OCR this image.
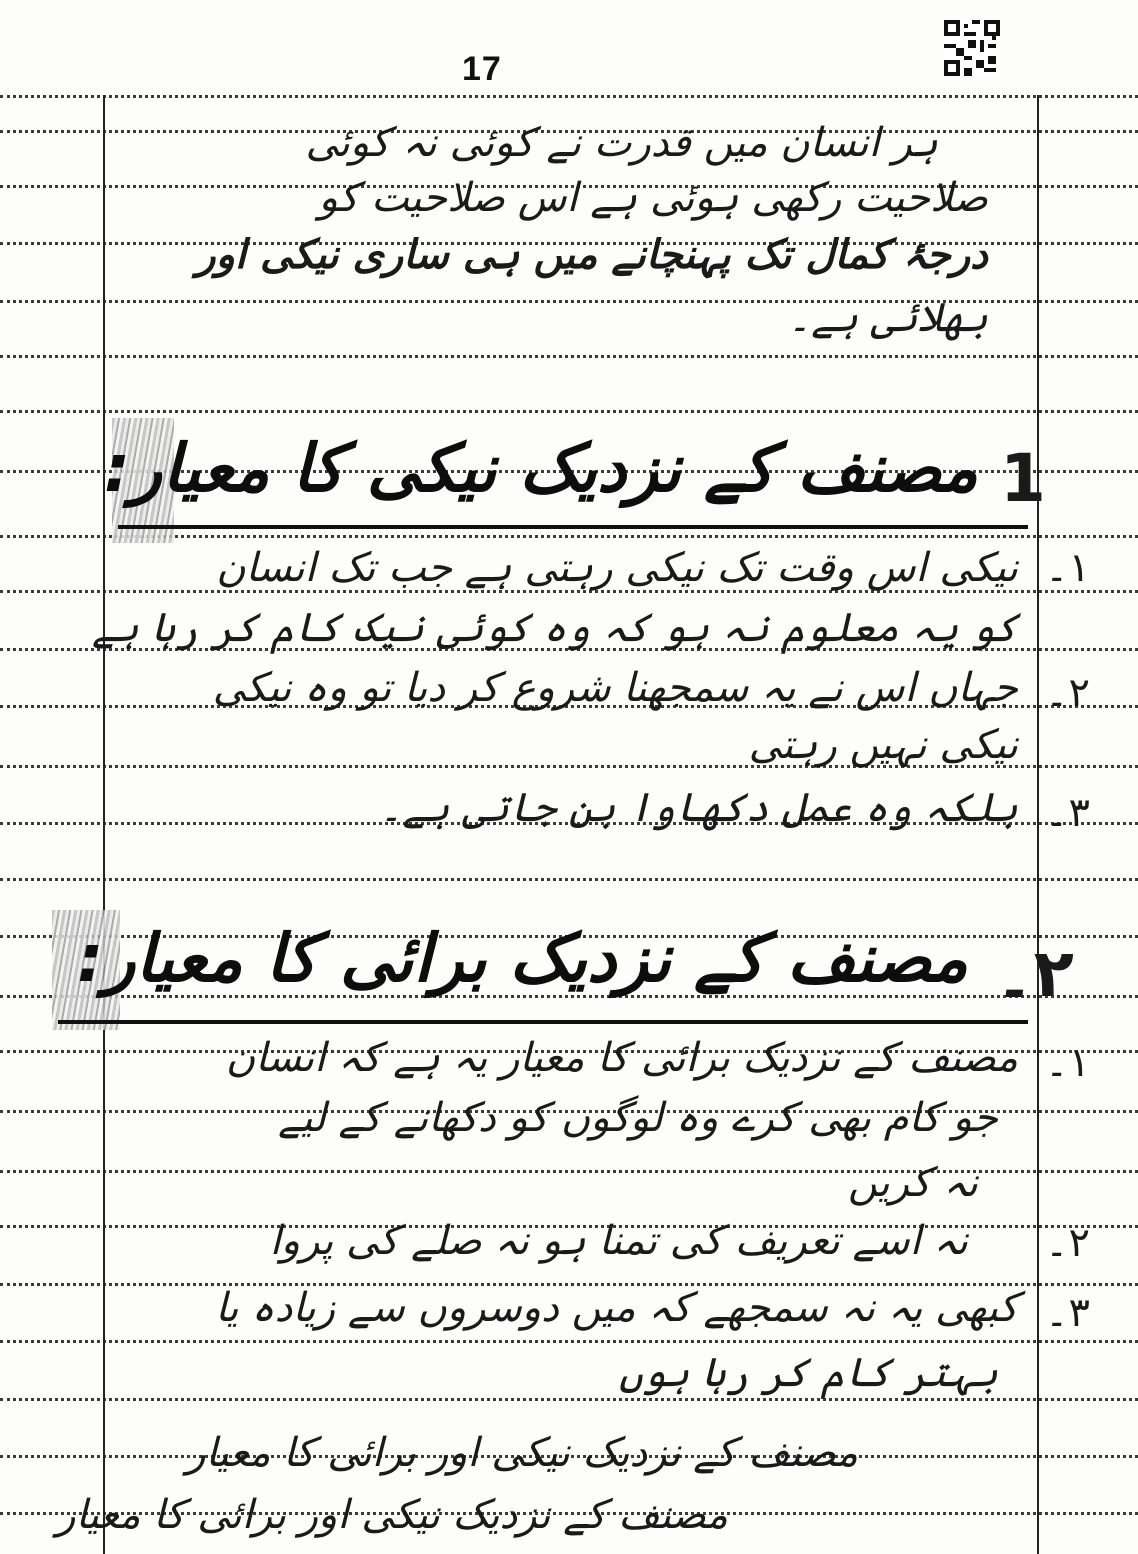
17
ہر انسان میں قدرت نے کوئی نہ کوئی
صلاحیت رکھی ہوئی ہے اس صلاحیت کو
درجۂ کمال تک پہنچانے میں ہی ساری نیکی اور
بھلائی ہے۔
1
مصنف کے نزدیک نیکی کا معیار:
۱۔
نیکی اس وقت تک نیکی رہتی ہے جب تک انسان
کو یہ معلوم نہ ہو کہ وہ کوئی نیک کام کر رہا ہے
۲۔
جہاں اس نے یہ سمجھنا شروع کر دیا تو وہ نیکی
نیکی نہیں رہتی
۳۔
بلکہ وہ عمل دکھاوا بن جاتی ہے۔
۲۔
مصنف کے نزدیک برائی کا معیار:
۱۔
مصنف کے نزدیک برائی کا معیار یہ ہے کہ انسان
جو کام بھی کرے وہ لوگوں کو دکھانے کے لیے
نہ کریں
۲۔
نہ اسے تعریف کی تمنا ہو نہ صلے کی پروا
۳۔
کبھی یہ نہ سمجھے کہ میں دوسروں سے زیادہ یا
بہتر کام کر رہا ہوں
مصنف کے نزدیک نیکی اور برائی کا معیار
مصنف کے نزدیک نیکی اور برائی کا معیار
